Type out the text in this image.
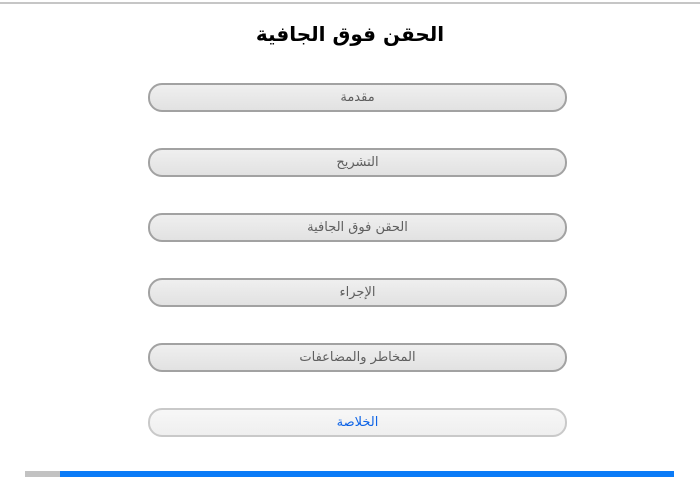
الحقن فوق الجافية
مقدمة
التشريح
الحقن فوق الجافية
الإجراء
المخاطر والمضاعفات
الخلاصة
